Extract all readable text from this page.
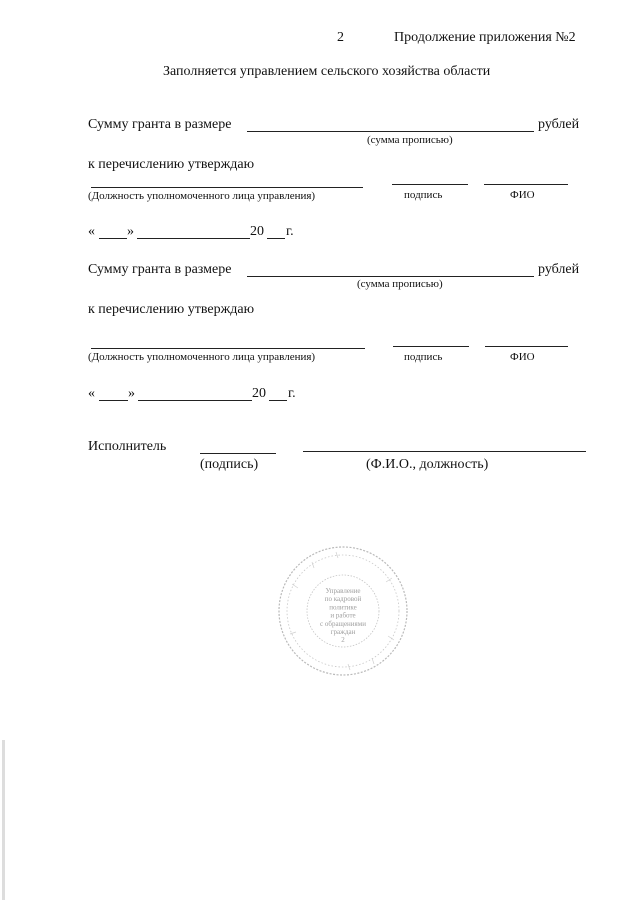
2	Продолжение приложения №2
Заполняется управлением сельского хозяйства области
Сумму гранта в размере	рублей
(сумма прописью)
к перечислению утверждаю
(Должность уполномоченного лица управления)	подпись	ФИО
« »	20 г.
Сумму гранта в размере	рублей
(сумма прописью)
к перечислению утверждаю
(Должность уполномоченного лица управления)	подпись	ФИО
« »	20 г.
Исполнитель
(подпись)	(Ф.И.О., должность)
Управление
по кадровой
политике
и работе
с обращениями
граждан
2
